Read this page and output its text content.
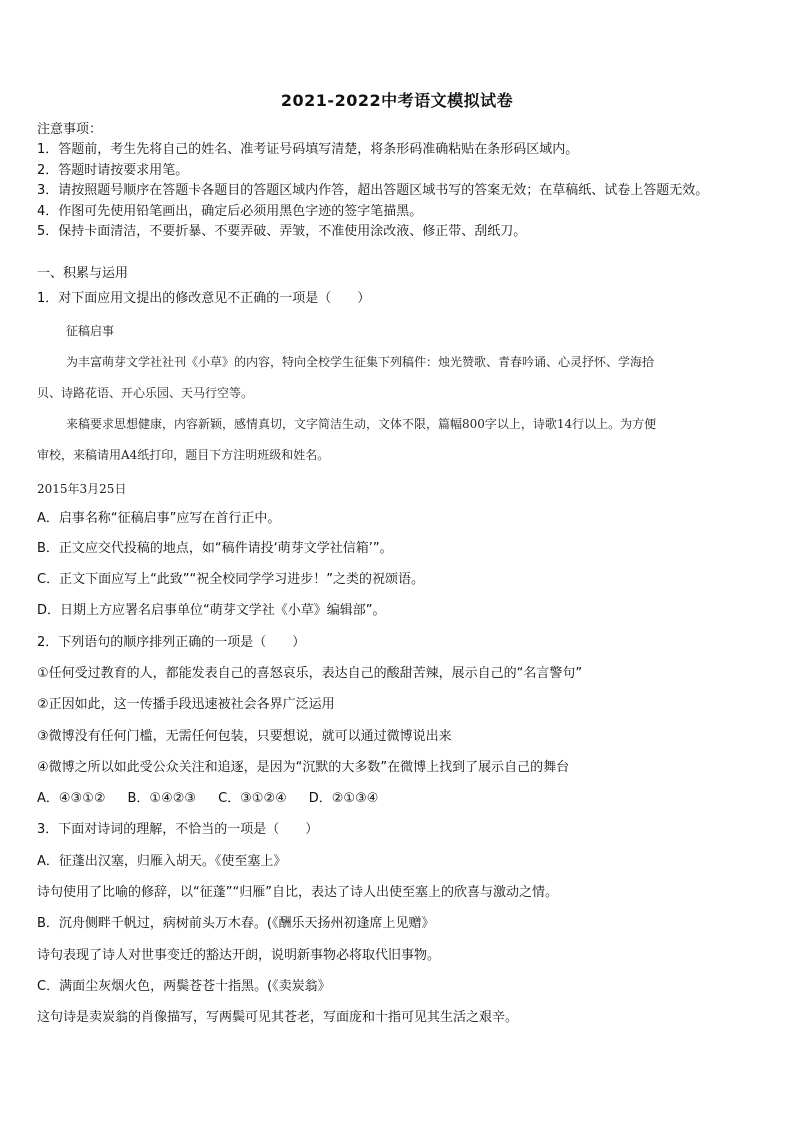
2021-2022中考语文模拟试卷
注意事项：
1．答题前，考生先将自己的姓名、准考证号码填写清楚，将条形码准确粘贴在条形码区域内。
2．答题时请按要求用笔。
3．请按照题号顺序在答题卡各题目的答题区域内作答，超出答题区域书写的答案无效；在草稿纸、试卷上答题无效。
4．作图可先使用铅笔画出，确定后必须用黑色字迹的签字笔描黑。
5．保持卡面清洁，不要折暴、不要弄破、弄皱，不准使用涂改液、修正带、刮纸刀。
一、积累与运用
1．对下面应用文提出的修改意见不正确的一项是（　　）
征稿启事
为丰富萌芽文学社社刊《小草》的内容，特向全校学生征集下列稿件：烛光赞歌、青春吟诵、心灵抒怀、学海拾
贝、诗路花语、开心乐园、天马行空等。
来稿要求思想健康，内容新颖，感情真切，文字简洁生动，文体不限，篇幅800字以上，诗歌14行以上。为方便
审校，来稿请用A4纸打印，题目下方注明班级和姓名。
2015年3月25日
A．启事名称“征稿启事”应写在首行正中。
B．正文应交代投稿的地点，如“稿件请投‘萌芽文学社信箱’”。
C．正文下面应写上“此致”“祝全校同学学习进步！”之类的祝颂语。
D．日期上方应署名启事单位“萌芽文学社《小草》编辑部”。
2．下列语句的顺序排列正确的一项是（　　）
①任何受过教育的人，都能发表自己的喜怒哀乐，表达自己的酸甜苦辣，展示自己的“名言警句”
②正因如此，这一传播手段迅速被社会各界广泛运用
③微博没有任何门槛，无需任何包装，只要想说，就可以通过微博说出来
④微博之所以如此受公众关注和追逐，是因为“沉默的大多数”在微博上找到了展示自己的舞台
A．④③①② B．①④②③ C．③①②④ D．②①③④
3．下面对诗词的理解，不恰当的一项是（　　）
A．征蓬出汉塞，归雁入胡天。《使至塞上》
诗句使用了比喻的修辞，以“征蓬”“归雁”自比，表达了诗人出使至塞上的欣喜与激动之情。
B．沉舟侧畔千帆过，病树前头万木春。(《酬乐天扬州初逢席上见赠》
诗句表现了诗人对世事变迁的豁达开朗，说明新事物必将取代旧事物。
C．满面尘灰烟火色，两鬓苍苍十指黑。(《卖炭翁》
这句诗是卖炭翁的肖像描写，写两鬓可见其苍老，写面庞和十指可见其生活之艰辛。
